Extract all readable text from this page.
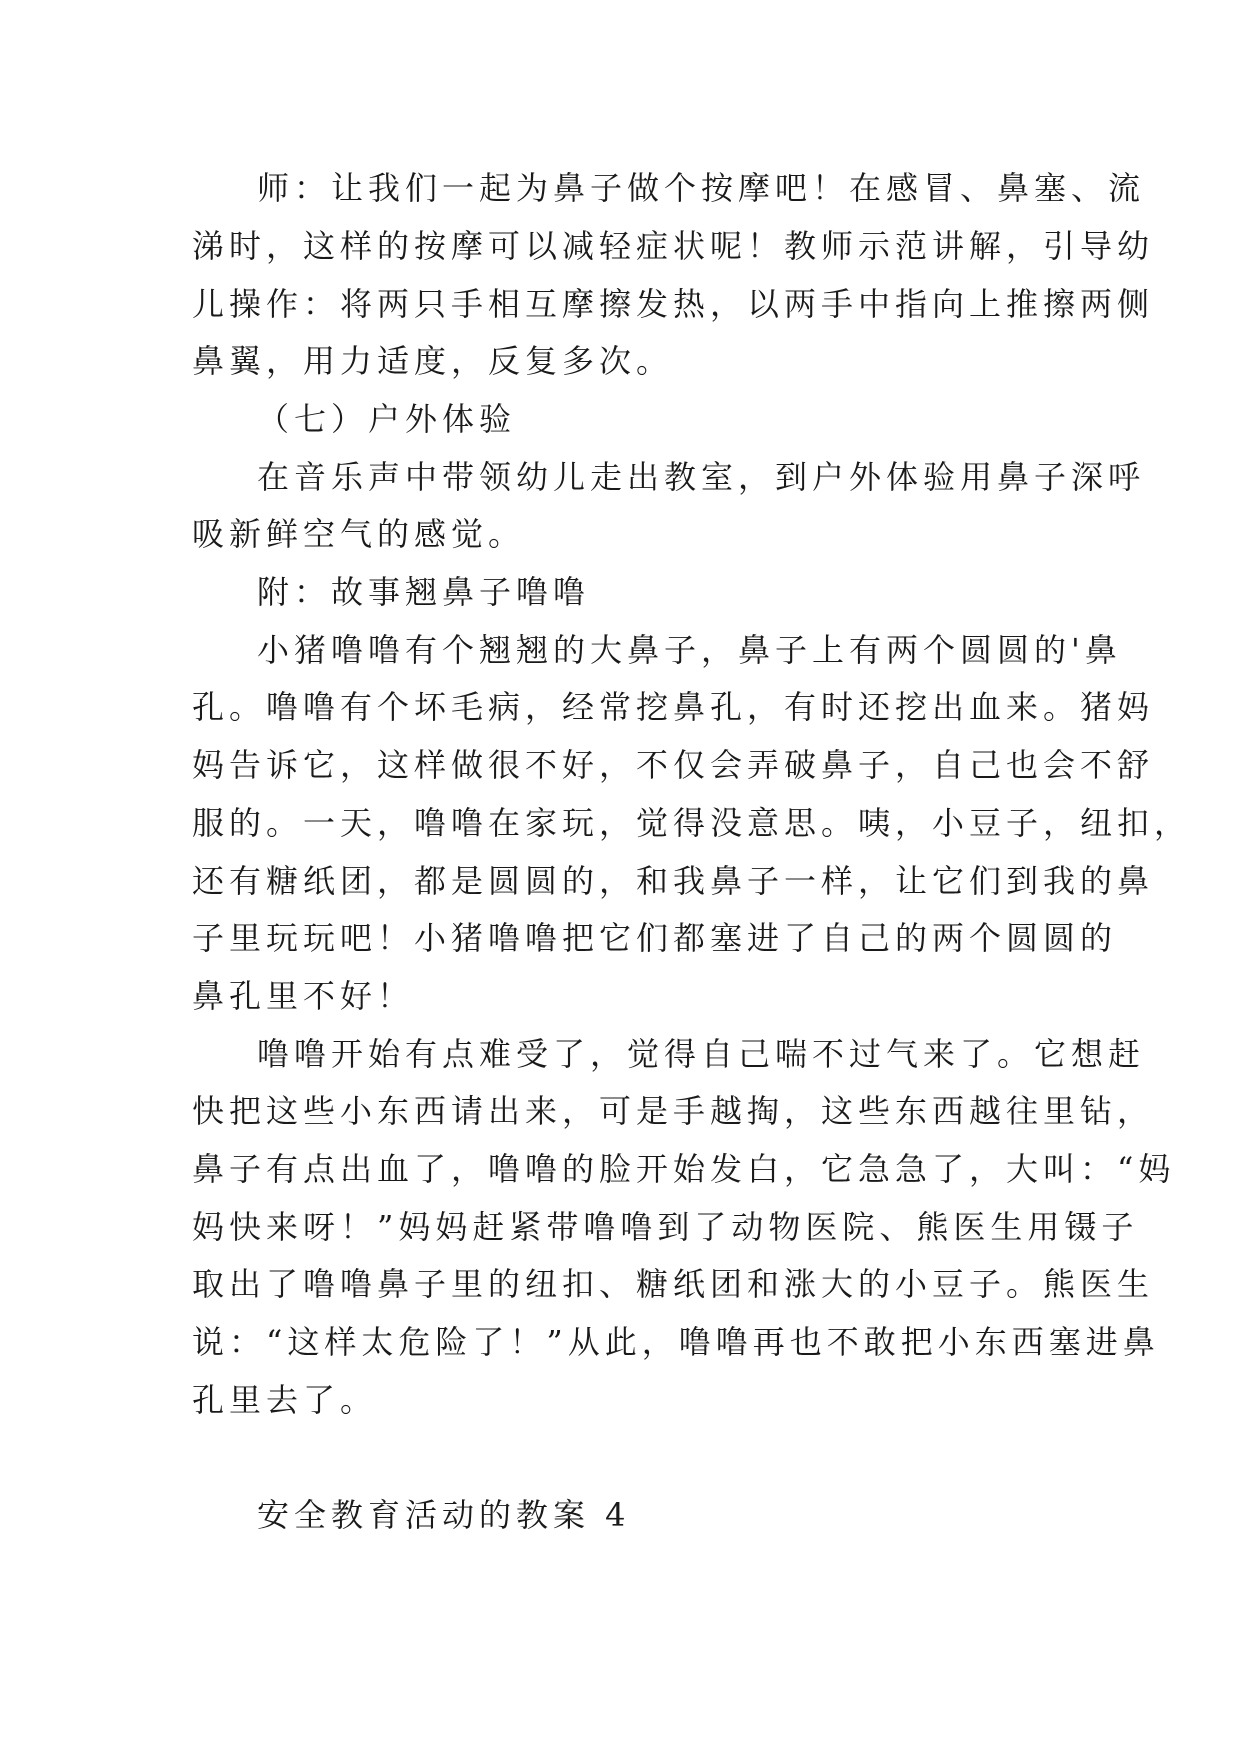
师：让我们一起为鼻子做个按摩吧！在感冒、鼻塞、流
涕时，这样的按摩可以减轻症状呢！教师示范讲解，引导幼
儿操作：将两只手相互摩擦发热，以两手中指向上推擦两侧
鼻翼，用力适度，反复多次。
（七）户外体验
在音乐声中带领幼儿走出教室，到户外体验用鼻子深呼
吸新鲜空气的感觉。
附：故事翘鼻子噜噜
小猪噜噜有个翘翘的大鼻子，鼻子上有两个圆圆的'鼻
孔。噜噜有个坏毛病，经常挖鼻孔，有时还挖出血来。猪妈
妈告诉它，这样做很不好，不仅会弄破鼻子，自己也会不舒
服的。一天，噜噜在家玩，觉得没意思。咦，小豆子，纽扣，
还有糖纸团，都是圆圆的，和我鼻子一样，让它们到我的鼻
子里玩玩吧！小猪噜噜把它们都塞进了自己的两个圆圆的
鼻孔里不好！
噜噜开始有点难受了，觉得自己喘不过气来了。它想赶
快把这些小东西请出来，可是手越掏，这些东西越往里钻，
鼻子有点出血了，噜噜的脸开始发白，它急急了，大叫：“妈
妈快来呀！”妈妈赶紧带噜噜到了动物医院、熊医生用镊子
取出了噜噜鼻子里的纽扣、糖纸团和涨大的小豆子。熊医生
说：“这样太危险了！”从此，噜噜再也不敢把小东西塞进鼻
孔里去了。
安全教育活动的教案 4
